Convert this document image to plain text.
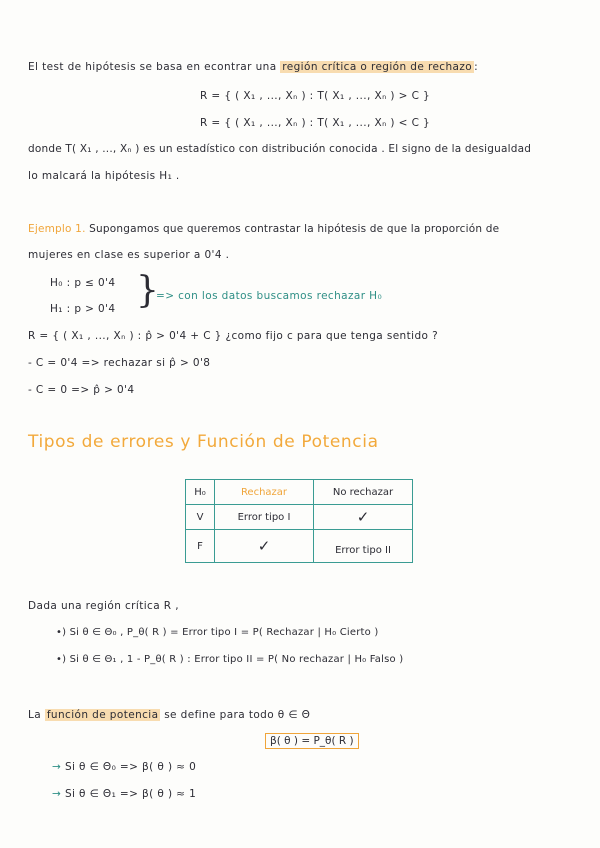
El test de hipótesis se basa en econtrar una región crítica o región de rechazo :
R = { ( X₁ , ..., Xₙ ) : T( X₁ , ..., Xₙ ) > C }
R = { ( X₁ , ..., Xₙ ) : T( X₁ , ..., Xₙ ) < C }
donde T( X₁ , ..., Xₙ ) es un estadístico con distribución conocida . El signo de la desigualdad
lo malcará la hipótesis H₁ .
Ejemplo 1. Supongamos que queremos contrastar la hipótesis de que la proporción de
mujeres en clase es superior a 0'4 .
H₀ : p ≤ 0'4
H₁ : p > 0'4 }
=> con los datos buscamos rechazar H₀
R = { ( X₁ , ..., Xₙ ) : p̂ > 0'4 + C } ¿como fijo c para que tenga sentido ?
- C = 0'4 => rechazar si p̂ > 0'8
- C = 0 => p̂ > 0'4
Tipos de errores y Función de Potencia
H₀	Rechazar	No rechazar
V	Error tipo I	✓
F	✓	Error tipo II
Dada una región crítica R ,
•) Si θ ∈ Θ₀ , P_θ( R ) = Error tipo I = P( Rechazar | H₀ Cierto )
•) Si θ ∈ Θ₁ , 1 - P_θ( R ) : Error tipo II = P( No rechazar | H₀ Falso )
La función de potencia se define para todo θ ∈ Θ
β( θ ) = P_θ( R )
→ Si θ ∈ Θ₀ => β( θ ) ≈ 0
→ Si θ ∈ Θ₁ => β( θ ) ≈ 1
